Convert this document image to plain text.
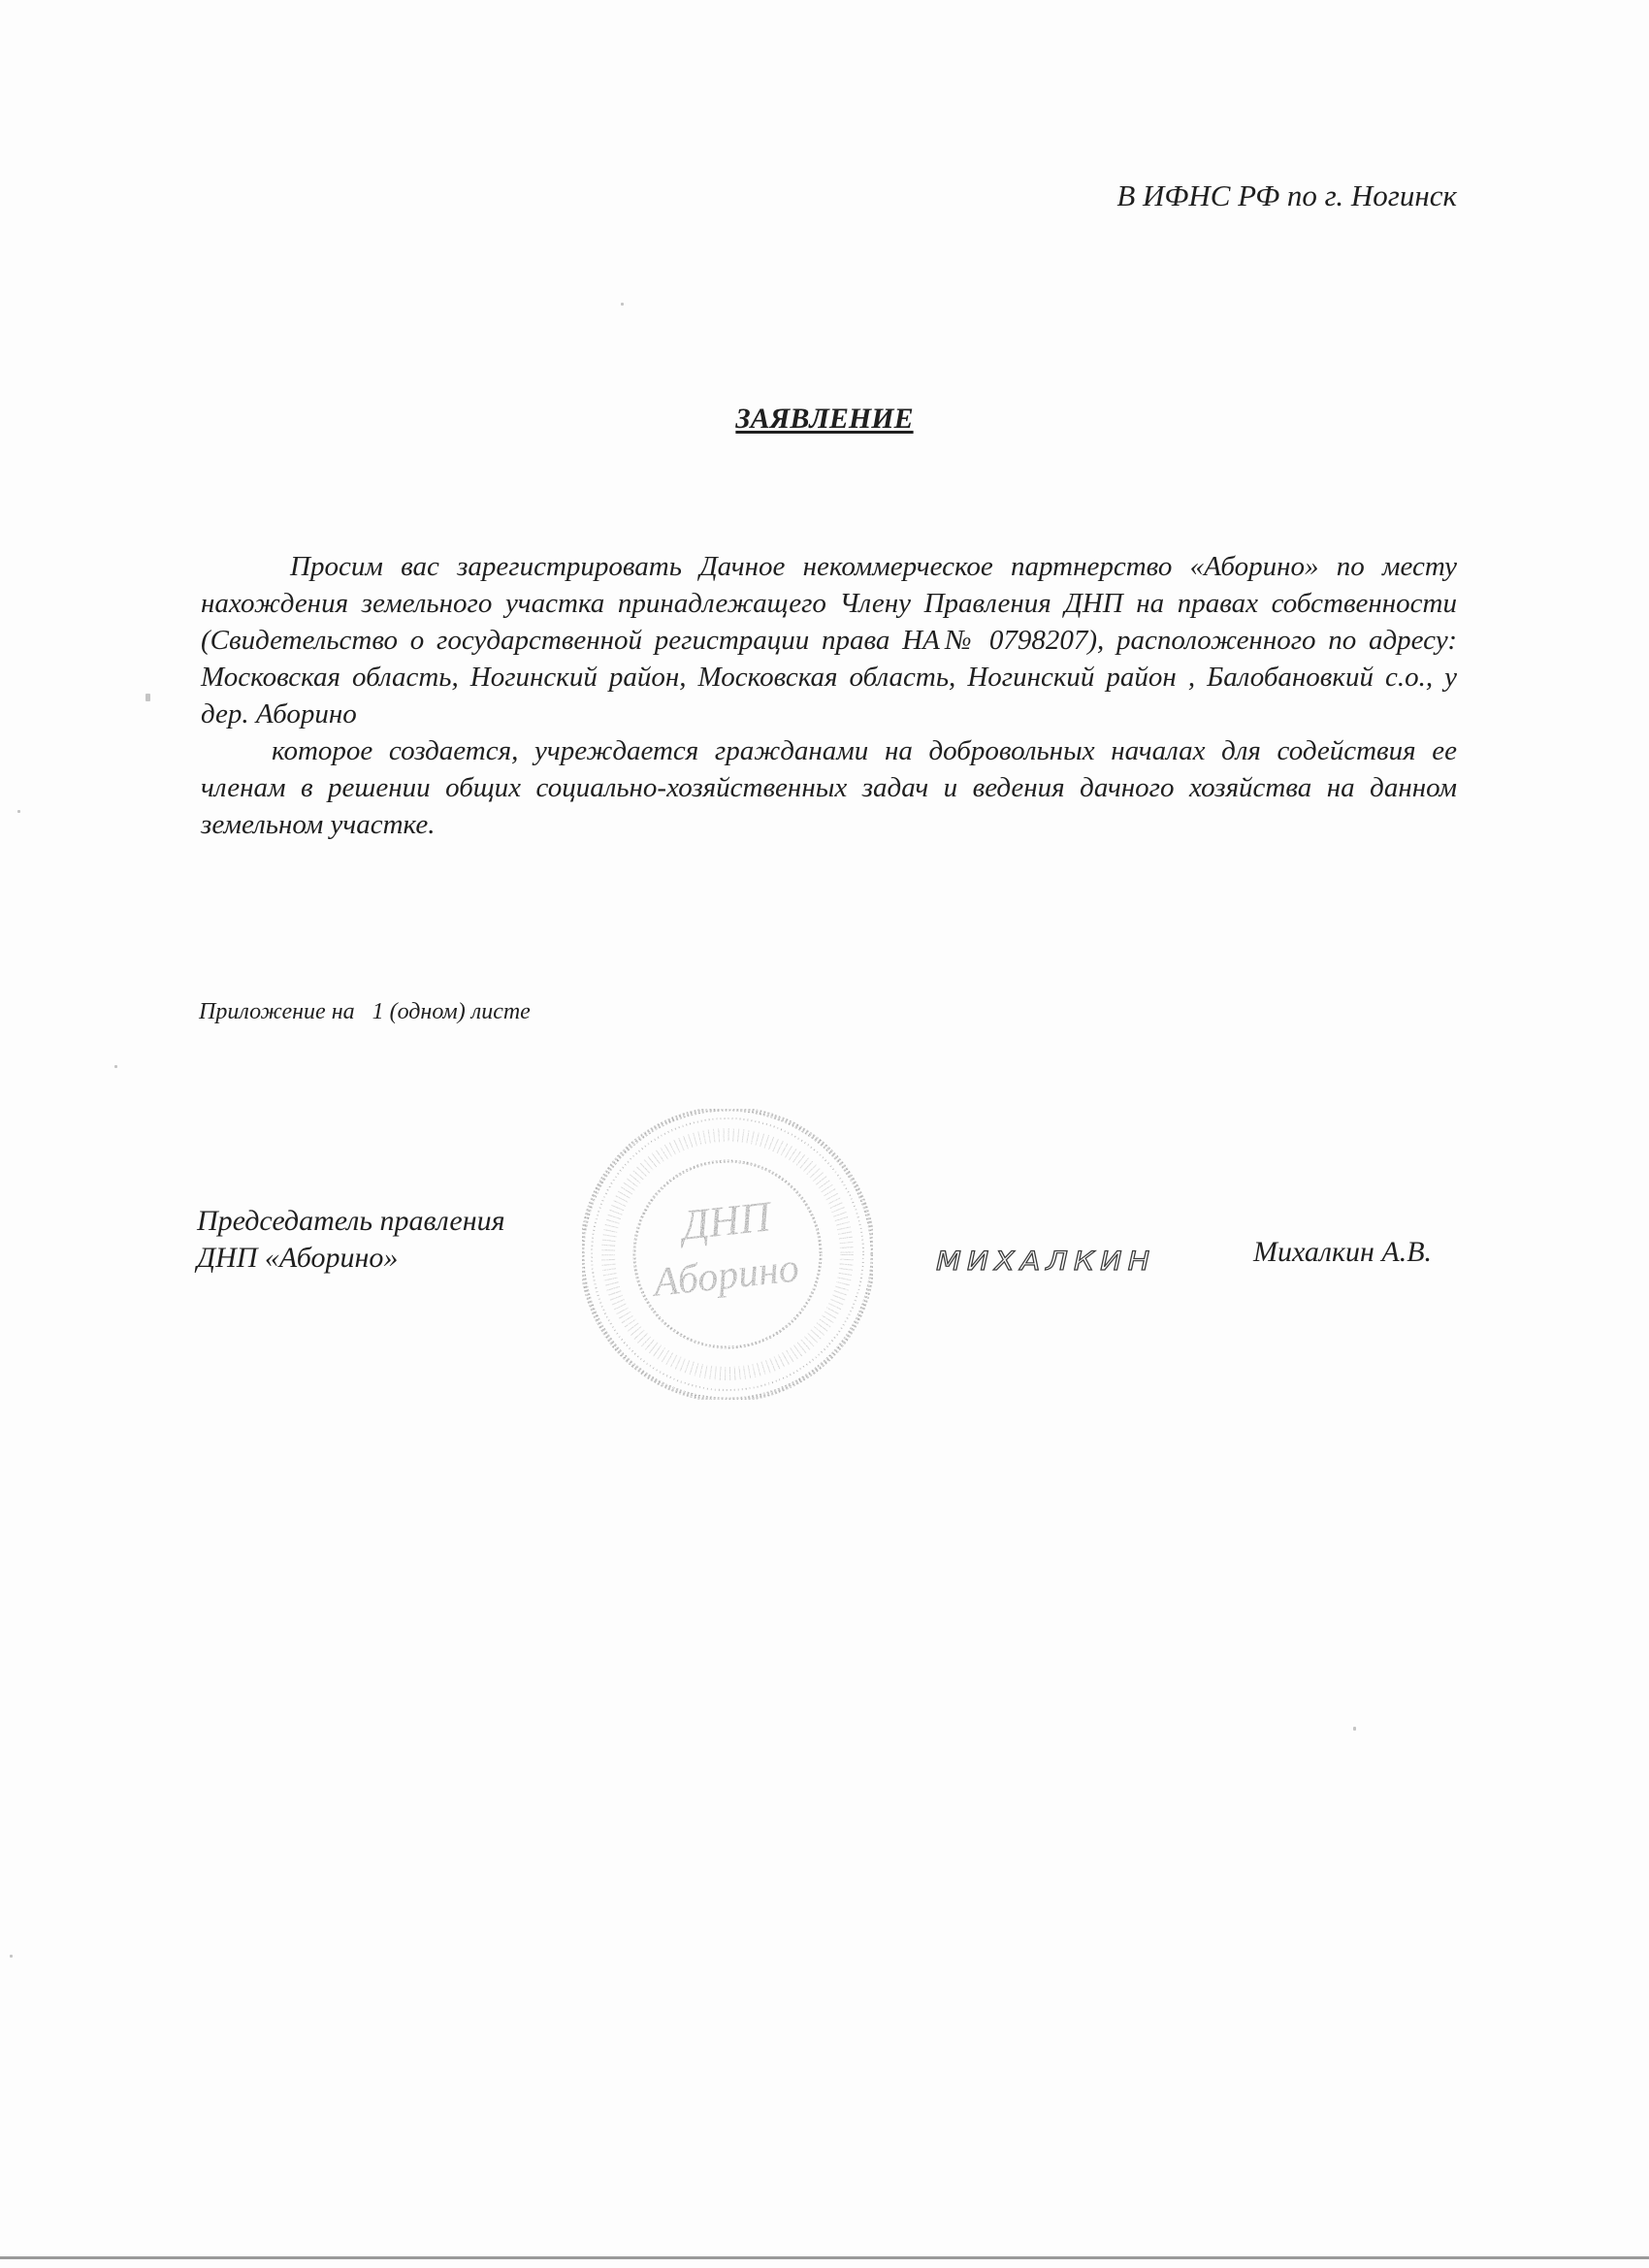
В ИФНС РФ по г. Ногинск
ЗАЯВЛЕНИЕ

Просим вас зарегистрировать Дачное некоммерческое партнерство «Аборино» по месту нахождения земельного участка принадлежащего Члену Правления ДНП на правах собственности (Свидетельство о государственной регистрации права НА№ 0798207), расположенного по адресу: Московская область, Ногинский район, Московская область, Ногинский район , Балобановкий с.о., у дер. Аборино

которое создается, учреждается гражданами на добровольных началах для содействия ее членам в решении общих социально-хозяйственных задач и ведения дачного хозяйства на данном земельном участке.

Приложение на   1 (одном) листе
Председатель правления
ДНП «Аборино»
ДНП
Аборино	МИХАЛКИН	Михалкин А.В.
